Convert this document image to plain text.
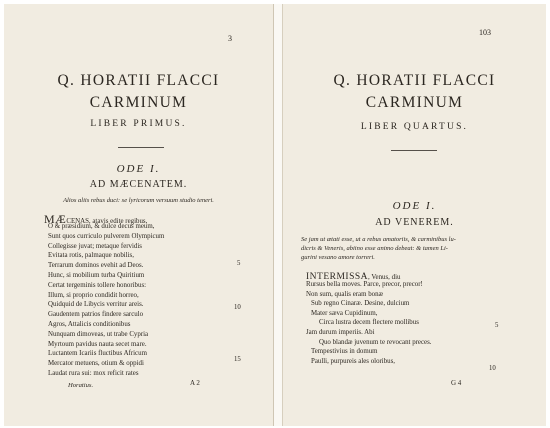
3
Q. HORATII FLACCI
CARMINUM
LIBER PRIMUS.
ODE I.
AD MÆCENATEM.
Alios aliis rebus duci: se lyricorum versuum studio teneri.
MÆCENAS, atavis edite regibus,
O & præsidium, & dulce decus meum,
Sunt quos curriculo pulverem Olympicum
Collegisse juvat; metaque fervidis
Evitata rotis, palmaque nobilis,
Terrarum dominos evehit ad Deos.
Hunc, si mobilium turba Quiritium
Certat tergeminis tollere honoribus:
Illum, si proprio condidit horreo,
Quidquid de Libycis verritur areis.
Gaudentem patrios findere sarculo
Agros, Attalicis conditionibus
Nunquam dimoveas, ut trabe Cypria
Myrtoum pavidus nauta secet mare.
Luctantem Icariis fluctibus Africum
Mercator metuens, otium & oppidi
Laudat rura sui: mox reficit rates
5
10
15
Horatius.	A 2
103
Q. HORATII FLACCI
CARMINUM
LIBER QUARTUS.
ODE I.
AD VENEREM.
Se jam ut ætati esse, ut a rebus amatoriis, & carminibus lu-
dicris & Veneris, abiino esse animo debeat: & tamen Li-
gurini vesano amore torreri.
INTERMISSA, Venus, diu
Rursus bella moves. Parce, precor, precor!
Non sum, qualis eram bonæ
Sub regno Cinaræ. Desine, dulcium
Mater sæva Cupidinum,
Circa lustra decem flectere mollibus
Jam durum imperiis. Abi
Quo blandæ juvenum te revocant preces.
Tempestivius in domum
Paulli, purpureis ales oloribus,
5
10
G 4
